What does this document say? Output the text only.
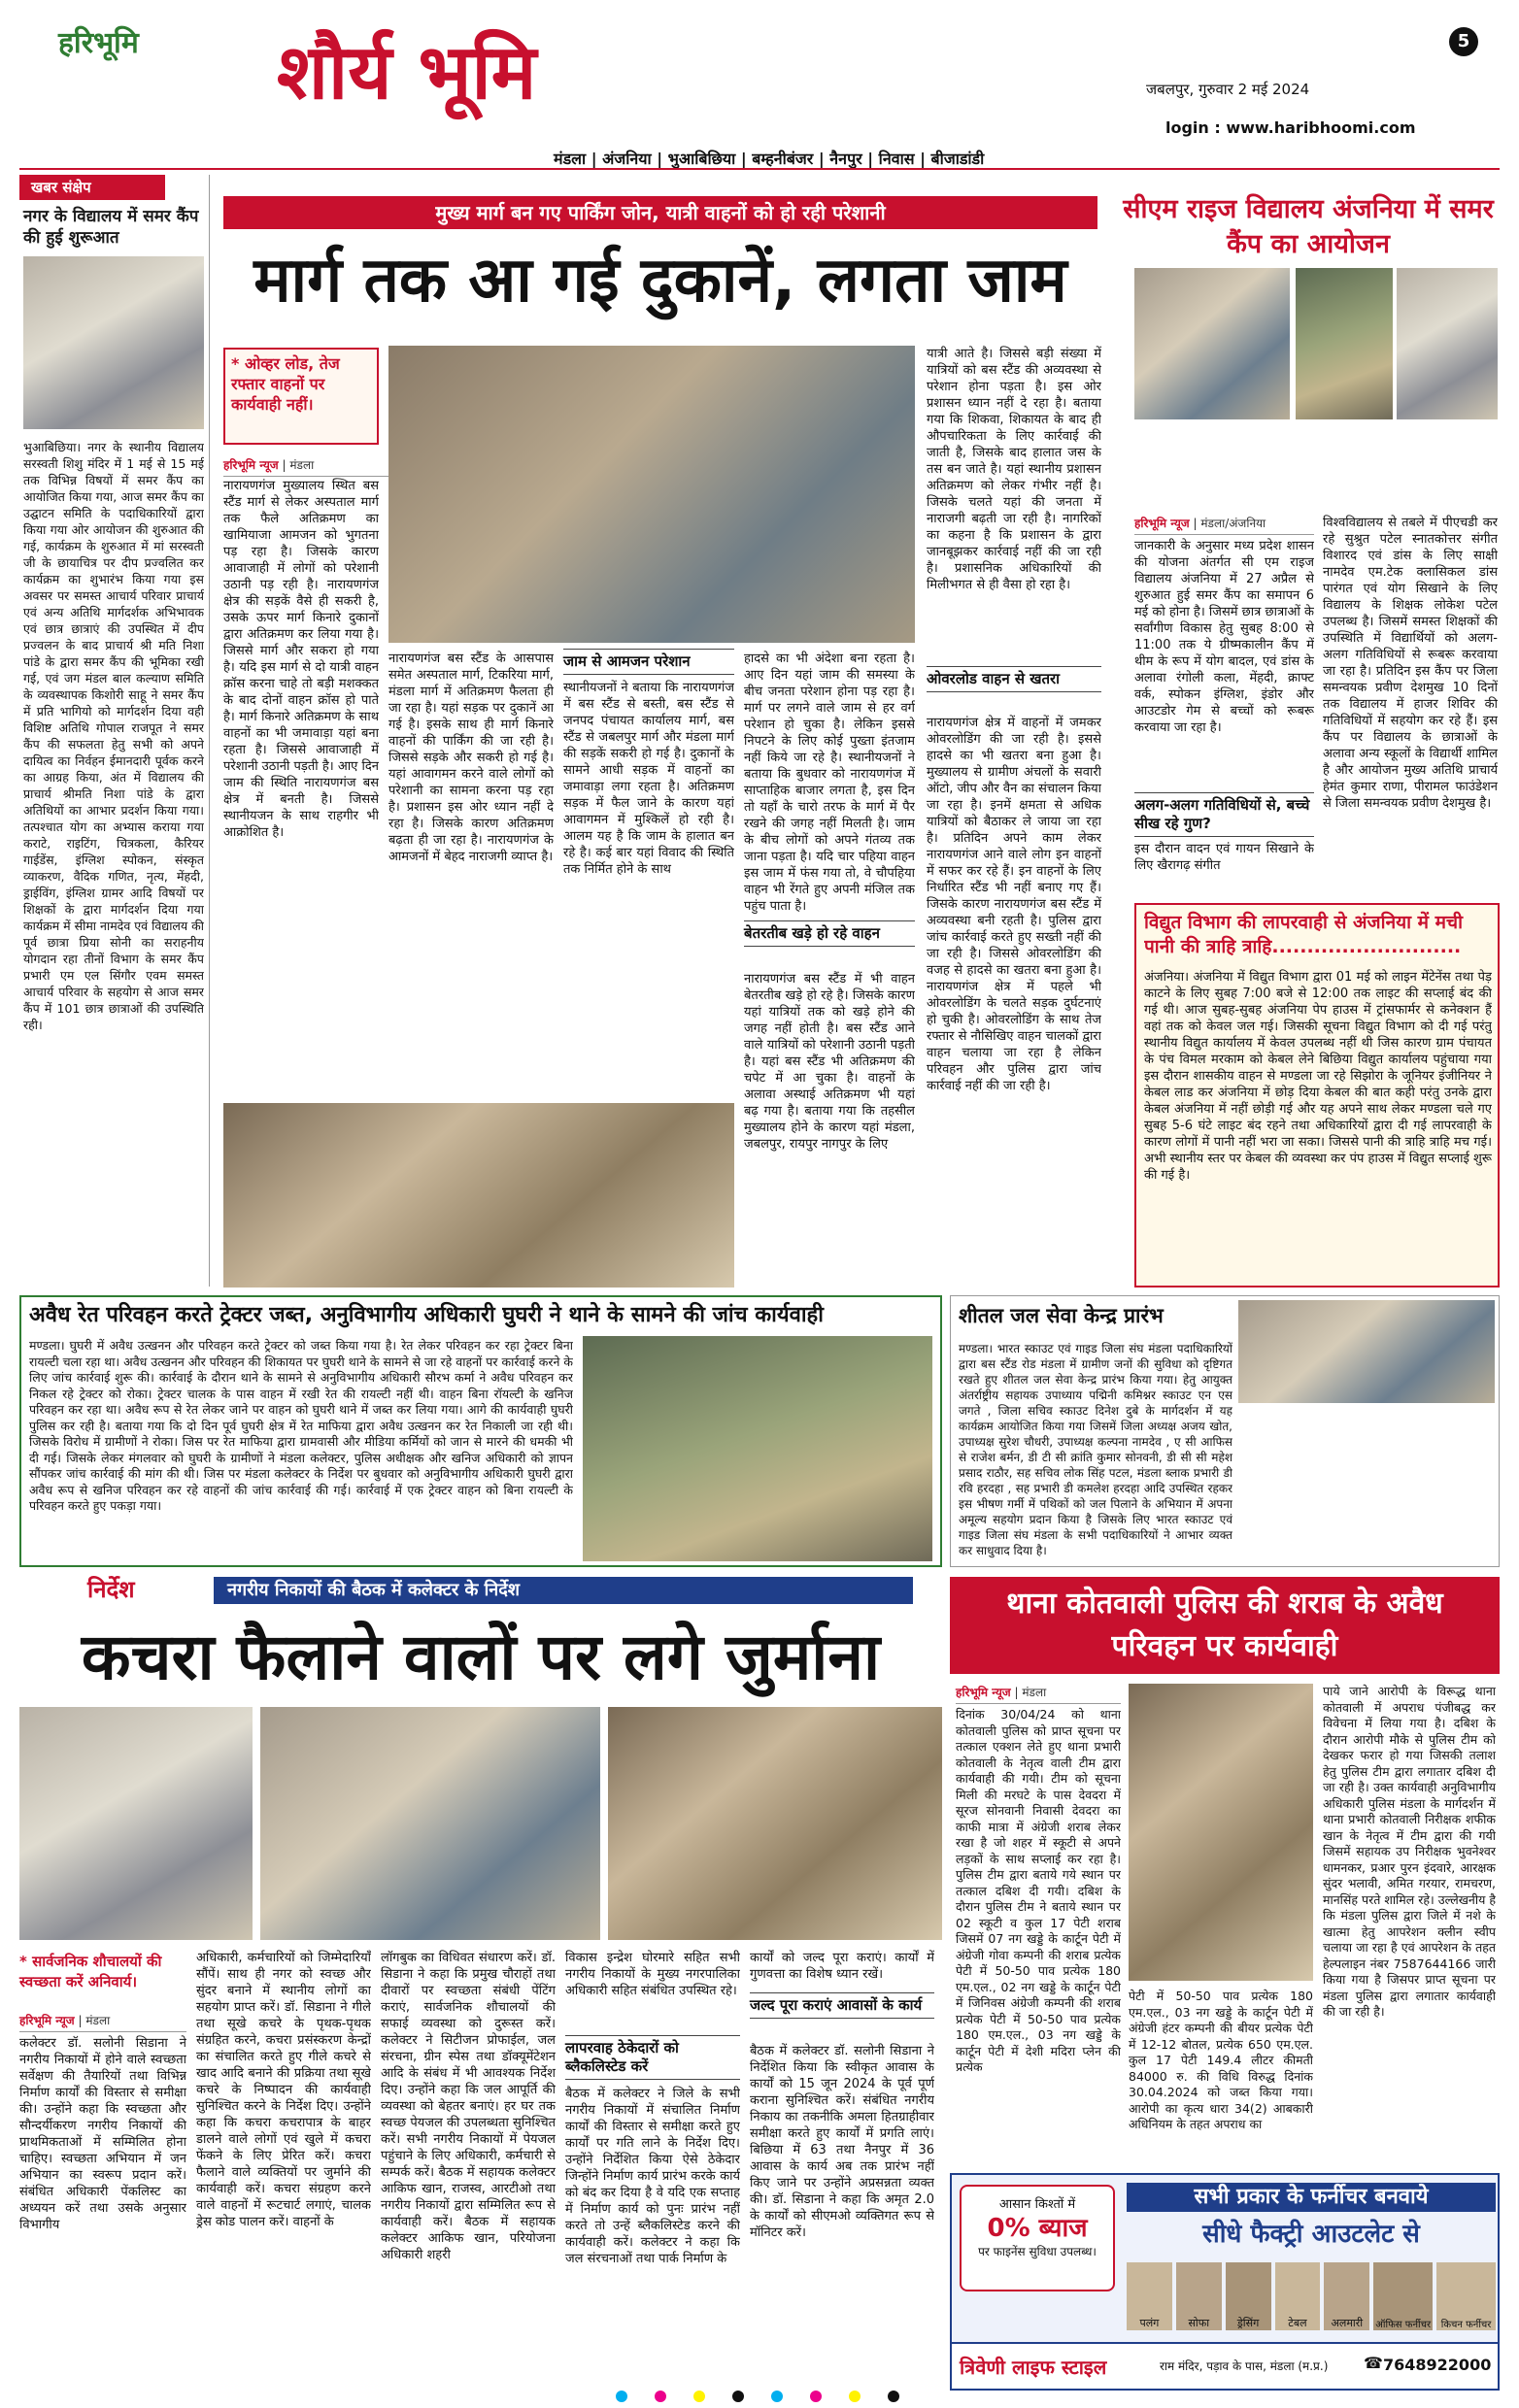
हरिभूमि शौर्य भूमि	5
जबलपुर, गुरुवार 2 मई 2024
login : www.haribhoomi.com
मंडला | अंजनिया | भुआबिछिया | बम्हनीबंजर | नैनपुर | निवास | बीजाडांडी
खबर संक्षेप
नगर के विद्यालय में समर कैंप की हुई शुरूआत
भुआबिछिया। नगर के स्थानीय विद्यालय सरस्वती शिशु मंदिर में 1 मई से 15 मई तक विभिन्न विषयों में समर कैंप का आयोजित किया गया, आज समर कैंप का उद्घाटन समिति के पदाधिकारियों द्वारा किया गया ओर आयोजन की शुरुआत की गई, कार्यक्रम के शुरुआत में मां सरस्वती जी के छायाचित्र पर दीप प्रज्वलित कर कार्यक्रम का शुभारंभ किया गया इस अवसर पर समस्त आचार्य परिवार प्राचार्य एवं अन्य अतिथि मार्गदर्शक अभिभावक एवं छात्र छात्राएं की उपस्थित में दीप प्रज्वलन के बाद प्राचार्य श्री मति निशा पांडे के द्वारा समर कैंप की भूमिका रखी गई, एवं जग मंडल बाल कल्याण समिति के व्यवस्थापक किशोरी साहू ने समर कैंप में प्रति भागियो को मार्गदर्शन दिया वही विशिष्ट अतिथि गोपाल राजपूत ने समर कैंप की सफलता हेतु सभी को अपने दायित्व का निर्वहन ईमानदारी पूर्वक करने का आग्रह किया, अंत में विद्यालय की प्राचार्य श्रीमति निशा पांडे के द्वारा अतिथियों का आभार प्रदर्शन किया गया। तत्पश्चात योग का अभ्यास कराया गया कराटे, राइटिंग, चित्रकला, कैरियर गाईडेंस, इंग्लिश स्पोकन, संस्कृत व्याकरण, वैदिक गणित, नृत्य, मेंहदी, ड्राईविंग, इंग्लिश ग्रामर आदि विषयों पर शिक्षकों के द्वारा मार्गदर्शन दिया गया कार्यक्रम में सीमा नामदेव एवं विद्यालय की पूर्व छात्रा प्रिया सोनी का सराहनीय योगदान रहा तीनों विभाग के समर कैंप प्रभारी एम एल सिंगौर एवम समस्त आचार्य परिवार के सहयोग से आज समर कैंप में 101 छात्र छात्राओं की उपस्थिति रही।
मुख्य मार्ग बन गए पार्किंग जोन, यात्री वाहनों को हो रही परेशानी
मार्ग तक आ गई दुकानें, लगता जाम
* ओव्हर लोड, तेज रफ्तार वाहनों पर कार्यवाही नहीं।
हरिभूमि न्यूज | मंडला
नारायणगंज मुख्यालय स्थित बस स्टैंड मार्ग से लेकर अस्पताल मार्ग तक फैले अतिक्रमण का खामियाजा आमजन को भुगतना पड़ रहा है। जिसके कारण आवाजाही में लोगों को परेशानी उठानी पड़ रही है। नारायणगंज क्षेत्र की सड़कें वैसे ही सकरी है, उसके ऊपर मार्ग किनारे दुकानों द्वारा अतिक्रमण कर लिया गया है। जिससे मार्ग और सकरा हो गया है। यदि इस मार्ग से दो यात्री वाहन क्रॉस करना चाहे तो बड़ी मशक्कत के बाद दोनों वाहन क्रॉस हो पाते है। मार्ग किनारे अतिक्रमण के साथ वाहनों का भी जमावाड़ा यहां बना रहता है। जिससे आवाजाही में परेशानी उठानी पड़ती है। आए दिन जाम की स्थिति नारायणगंज बस क्षेत्र में बनती है। जिससे स्थानीयजन के साथ राहगीर भी आक्रोशित है।
नारायणगंज बस स्टैंड के आसपास समेत अस्पताल मार्ग, टिकरिया मार्ग, मंडला मार्ग में अतिक्रमण फैलता ही जा रहा है। यहां सड़क पर दुकानें आ गई है। इसके साथ ही मार्ग किनारे वाहनों की पार्किंग की जा रही है। जिससे सड़के और सकरी हो गई है। यहां आवागमन करने वाले लोगों को परेशानी का सामना करना पड़ रहा है। प्रशासन इस ओर ध्यान नहीं दे रहा है। जिसके कारण अतिक्रमण बढ़ता ही जा रहा है। नारायणगंज के आमजनों में बेहद नाराजगी व्याप्त है।
जाम से आमजन परेशान
स्थानीयजनों ने बताया कि नारायणगंज में बस स्टैंड से बस्ती, बस स्टैंड से जनपद पंचायत कार्यालय मार्ग, बस स्टैंड से जबलपुर मार्ग और मंडला मार्ग की सड़कें सकरी हो गई है। दुकानों के सामने आधी सड़क में वाहनों का जमावाड़ा लगा रहता है। अतिक्रमण सड़क में फैल जाने के कारण यहां आवागमन में मुश्किलें हो रही है। आलम यह है कि जाम के हालात बन रहे है। कई बार यहां विवाद की स्थिति तक निर्मित होने के साथ
हादसे का भी अंदेशा बना रहता है। आए दिन यहां जाम की समस्या के बीच जनता परेशान होना पड़ रहा है। मार्ग पर लगने वाले जाम से हर वर्ग परेशान हो चुका है। लेकिन इससे निपटने के लिए कोई पुख्ता इंतजाम नहीं किये जा रहे है। स्थानीयजनों ने बताया कि बुधवार को नारायणगंज में साप्ताहिक बाजार लगता है, इस दिन तो यहाँ के चारो तरफ के मार्ग में पैर रखने की जगह नहीं मिलती है। जाम के बीच लोगों को अपने गंतव्य तक जाना पड़ता है। यदि चार पहिया वाहन इस जाम में फंस गया तो, वे चौपहिया वाहन भी रेंगते हुए अपनी मंजिल तक पहुंच पाता है।
बेतरतीब खड़े हो रहे वाहन
नारायणगंज बस स्टैंड में भी वाहन बेतरतीब खड़े हो रहे है। जिसके कारण यहां यात्रियों तक को खड़े होने की जगह नहीं होती है। बस स्टैंड आने वाले यात्रियों को परेशानी उठानी पड़ती है। यहां बस स्टैंड भी अतिक्रमण की चपेट में आ चुका है। वाहनों के अलावा अस्थाई अतिक्रमण भी यहां बढ़ गया है। बताया गया कि तहसील मुख्यालय होने के कारण यहां मंडला, जबलपुर, रायपुर नागपुर के लिए
यात्री आते है। जिससे बड़ी संख्या में यात्रियों को बस स्टैंड की अव्यवस्था से परेशान होना पड़ता है। इस ओर प्रशासन ध्यान नहीं दे रहा है। बताया गया कि शिकवा, शिकायत के बाद ही औपचारिकता के लिए कार्रवाई की जाती है, जिसके बाद हालात जस के तस बन जाते है। यहां स्थानीय प्रशासन अतिक्रमण को लेकर गंभीर नहीं है। जिसके चलते यहां की जनता में नाराजगी बढ़ती जा रही है। नागरिकों का कहना है कि प्रशासन के द्वारा जानबूझकर कार्रवाई नहीं की जा रही है। प्रशासनिक अधिकारियों की मिलीभगत से ही वैसा हो रहा है।
ओवरलोड वाहन से खतरा
नारायणगंज क्षेत्र में वाहनों में जमकर ओवरलोडिंग की जा रही है। इससे हादसे का भी खतरा बना हुआ है। मुख्यालय से ग्रामीण अंचलों के सवारी ऑटो, जीप और वैन का संचालन किया जा रहा है। इनमें क्षमता से अधिक यात्रियों को बैठाकर ले जाया जा रहा है। प्रतिदिन अपने काम लेकर नारायणगंज आने वाले लोग इन वाहनों में सफर कर रहे हैं। इन वाहनों के लिए निर्धारित स्टैंड भी नहीं बनाए गए हैं। जिसके कारण नारायणगंज बस स्टैंड में अव्यवस्था बनी रहती है। पुलिस द्वारा जांच कार्रवाई करते हुए सख्ती नहीं की जा रही है। जिससे ओवरलोडिंग की वजह से हादसे का खतरा बना हुआ है। नारायणगंज क्षेत्र में पहले भी ओवरलोडिंग के चलते सड़क दुर्घटनाएं हो चुकी है। ओवरलोडिंग के साथ तेज रफ्तार से नौसिखिए वाहन चालकों द्वारा वाहन चलाया जा रहा है लेकिन परिवहन और पुलिस द्वारा जांच कार्रवाई नहीं की जा रही है।
सीएम राइज विद्यालय अंजनिया में समर कैंप का आयोजन
हरिभूमि न्यूज | मंडला/अंजनिया
जानकारी के अनुसार मध्य प्रदेश शासन की योजना अंतर्गत सी एम राइज विद्यालय अंजनिया में 27 अप्रैल से शुरुआत हुई समर कैंप का समापन 6 मई को होना है। जिसमें छात्र छात्राओं के सर्वांगीण विकास हेतु सुबह 8:00 से 11:00 तक ये ग्रीष्मकालीन कैंप में थीम के रूप में योग बादल, एवं डांस के अलावा रंगोली कला, मेंहदी, क्राफ्ट वर्क, स्पोकन इंग्लिश, इंडोर और आउटडोर गेम से बच्चों को रूबरू करवाया जा रहा है।
अलग-अलग गतिविधियों से, बच्चे सीख रहे गुण?
इस दौरान वादन एवं गायन सिखाने के लिए खैरागढ़ संगीत
विश्वविद्यालय से तबले में पीएचडी कर रहे सुश्रुत पटेल स्नातकोत्तर संगीत विशारद एवं डांस के लिए साक्षी नामदेव एम.टेक क्लासिकल डांस पारंगत एवं योग सिखाने के लिए विद्यालय के शिक्षक लोकेश पटेल उपलब्ध है। जिसमें समस्त शिक्षकों की उपस्थिति में विद्यार्थियों को अलग-अलग गतिविधियों से रूबरू करवाया जा रहा है। प्रतिदिन इस कैंप पर जिला समन्वयक प्रवीण देशमुख 10 दिनों तक विद्यालय में हाजर शिविर की गतिविधियों में सहयोग कर रहे हैं। इस कैंप पर विद्यालय के छात्राओं के अलावा अन्य स्कूलों के विद्यार्थी शामिल है और आयोजन मुख्य अतिथि प्राचार्य हेमंत कुमार राणा, पीरामल फाउंडेशन से जिला समन्वयक प्रवीण देशमुख है।
विद्युत विभाग की लापरवाही से अंजनिया में मची पानी की त्राहि त्राहि...........................
अंजनिया। अंजनिया में विद्युत विभाग द्वारा 01 मई को लाइन मेंटेनेंस तथा पेड़ काटने के लिए सुबह 7:00 बजे से 12:00 तक लाइट की सप्लाई बंद की गई थी। आज सुबह-सुबह अंजनिया पेप हाउस में ट्रांसफार्मर से कनेक्शन हैं वहां तक को केवल जल गई। जिसकी सूचना विद्युत विभाग को दी गई परंतु स्थानीय विद्युत कार्यालय में केवल उपलब्ध नहीं थी जिस कारण ग्राम पंचायत के पंच विमल मरकाम को केबल लेने बिछिया विद्युत कार्यालय पहुंचाया गया इस दौरान शासकीय वाहन से मण्डला जा रहे सिझोरा के जूनियर इंजीनियर ने केबल लाड कर अंजनिया में छोड़ दिया केबल की बात कही परंतु उनके द्वारा केबल अंजनिया में नहीं छोड़ी गई और यह अपने साथ लेकर मण्डला चले गए सुबह 5-6 घंटे लाइट बंद रहने तथा अधिकारियों द्वारा दी गई लापरवाही के कारण लोगों में पानी नहीं भरा जा सका। जिससे पानी की त्राहि त्राहि मच गई। अभी स्थानीय स्तर पर केबल की व्यवस्था कर पंप हाउस में विद्युत सप्लाई शुरू की गई है।
अवैध रेत परिवहन करते ट्रेक्टर जब्त, अनुविभागीय अधिकारी घुघरी ने थाने के सामने की जांच कार्यवाही
मण्डला। घुघरी में अवैध उत्खनन और परिवहन करते ट्रेक्टर को जब्त किया गया है। रेत लेकर परिवहन कर रहा ट्रेक्टर बिना रायल्टी चला रहा था। अवैध उत्खनन और परिवहन की शिकायत पर घुघरी थाने के सामने से जा रहे वाहनों पर कार्रवाई करने के लिए जांच कार्रवाई शुरू की। कार्रवाई के दौरान थाने के सामने से अनुविभागीय अधिकारी सौरभ कर्मा ने अवैध परिवहन कर निकल रहे ट्रेक्टर को रोका। ट्रेक्टर चालक के पास वाहन में रखी रेत की रायल्टी नहीं थी। वाहन बिना रॉयल्टी के खनिज परिवहन कर रहा था। अवैध रूप से रेत लेकर जाने पर वाहन को घुघरी थाने में जब्त कर लिया गया। आगे की कार्यवाही घुघरी पुलिस कर रही है। बताया गया कि दो दिन पूर्व घुघरी क्षेत्र में रेत माफिया द्वारा अवैध उत्खनन कर रेत निकाली जा रही थी। जिसके विरोध में ग्रामीणों ने रोका। जिस पर रेत माफिया द्वारा ग्रामवासी और मीडिया कर्मियों को जान से मारने की धमकी भी दी गई। जिसके लेकर मंगलवार को घुघरी के ग्रामीणों ने मंडला कलेक्टर, पुलिस अधीक्षक और खनिज अधिकारी को ज्ञापन सौंपकर जांच कार्रवाई की मांग की थी। जिस पर मंडला कलेक्टर के निर्देश पर बुधवार को अनुविभागीय अधिकारी घुघरी द्वारा अवैध रूप से खनिज परिवहन कर रहे वाहनों की जांच कार्रवाई की गई। कार्रवाई में एक ट्रेक्टर वाहन को बिना रायल्टी के परिवहन करते हुए पकड़ा गया।
शीतल जल सेवा केन्द्र प्रारंभ
मण्डला। भारत स्काउट एवं गाइड जिला संघ मंडला पदाधिकारियों द्वारा बस स्टैंड रोड मंडला में ग्रामीण जनों की सुविधा को दृष्टिगत रखते हुए शीतल जल सेवा केन्द्र प्रारंभ किया गया। हेतु आयुक्त अंतर्राष्ट्रीय सहायक उपाध्याय पद्मिनी कमिश्नर स्काउट एन एस जगते , जिला सचिव स्काउट दिनेश दुबे के मार्गदर्शन में यह कार्यक्रम आयोजित किया गया जिसमें जिला अध्यक्ष अजय खोत, उपाध्यक्ष सुरेश चौधरी, उपाध्यक्ष कल्पना नामदेव , ए सी आफिस से राजेश बर्मन, डी टी सी क्रांति कुमार सोनवनी, डी सी सी महेश प्रसाद राठौर, सह सचिव लोक सिंह पटल, मंडला ब्लाक प्रभारी डी रवि हरदहा , सह प्रभारी डी कमलेश हरदहा आदि उपस्थित रहकर इस भीषण गर्मी में पथिकों को जल पिलाने के अभियान में अपना अमूल्य सहयोग प्रदान किया है जिसके लिए भारत स्काउट एवं गाइड जिला संघ मंडला के सभी पदाधिकारियों ने आभार व्यक्त कर साधुवाद दिया है।
निर्देश	नगरीय निकायों की बैठक में कलेक्टर के निर्देश
कचरा फैलाने वालों पर लगे जुर्माना
* सार्वजनिक शौचालयों की स्वच्छता करें अनिवार्य।
हरिभूमि न्यूज | मंडला
कलेक्टर डॉ. सलोनी सिडाना ने नगरीय निकायों में होने वाले स्वच्छता सर्वेक्षण की तैयारियों तथा विभिन्न निर्माण कार्यों की विस्तार से समीक्षा की। उन्होंने कहा कि स्वच्छता और सौन्दर्यीकरण नगरीय निकायों की प्राथमिकताओं में सम्मिलित होना चाहिए। स्वच्छता अभियान में जन अभियान का स्वरूप प्रदान करें। संबंधित अधिकारी पेंकलिस्ट का अध्ययन करें तथा उसके अनुसार विभागीय
अधिकारी, कर्मचारियों को जिम्मेदारियाँ सौंपें। साथ ही नगर को स्वच्छ और सुंदर बनाने में स्थानीय लोगों का सहयोग प्राप्त करें। डॉ. सिडाना ने गीले तथा सूखे कचरे के पृथक-पृथक संग्रहित करने, कचरा प्रसंस्करण केन्द्रों का संचालित करते हुए गीले कचरे से खाद आदि बनाने की प्रक्रिया तथा सूखे कचरे के निष्पादन की कार्यवाही सुनिश्चित करने के निर्देश दिए। उन्होंने कहा कि कचरा कचरापात्र के बाहर डालने वाले लोगों एवं खुले में कचरा फेंकने के लिए प्रेरित करें। कचरा फैलाने वाले व्यक्तियों पर जुर्माने की कार्यवाही करें। कचरा संग्रहण करने वाले वाहनों में रूटचार्ट लगाएं, चालक ड्रेस कोड पालन करें। वाहनों के
लॉगबुक का विधिवत संधारण करें। डॉ. सिडाना ने कहा कि प्रमुख चौराहों तथा दीवारों पर स्वच्छता संबंधी पेंटिंग कराएं, सार्वजनिक शौचालयों की सफाई व्यवस्था को दुरूस्त करें। कलेक्टर ने सिटीजन प्रोफाईल, जल संरचना, ग्रीन स्पेस तथा डॉक्यूमेंटेशन आदि के संबंध में भी आवश्यक निर्देश दिए। उन्होंने कहा कि जल आपूर्ति की व्यवस्था को बेहतर बनाएं। हर घर तक स्वच्छ पेयजल की उपलब्धता सुनिश्चित करें। सभी नगरीय निकायों में पेयजल पहुंचाने के लिए अधिकारी, कर्मचारी से सम्पर्क करें। बैठक में सहायक कलेक्टर आकिफ खान, राजस्व, आरटीओ तथा नगरीय निकायों द्वारा सम्मिलित रूप से कार्यवाही करें। बैठक में सहायक कलेक्टर आकिफ खान, परियोजना अधिकारी शहरी
विकास इन्द्रेश घोरमारे सहित सभी नगरीय निकायों के मुख्य नगरपालिका अधिकारी सहित संबंधित उपस्थित रहे।
लापरवाह ठेकेदारों को ब्लैकलिस्टेड करें
बैठक में कलेक्टर ने जिले के सभी नगरीय निकायों में संचालित निर्माण कार्यों की विस्तार से समीक्षा करते हुए कार्यों पर गति लाने के निर्देश दिए। उन्होंने निर्देशित किया ऐसे ठेकेदार जिन्होंने निर्माण कार्य प्रारंभ करके कार्य को बंद कर दिया है वे यदि एक सप्ताह में निर्माण कार्य को पुनः प्रारंभ नहीं करते तो उन्हें ब्लैकलिस्टेड करने की कार्यवाही करें। कलेक्टर ने कहा कि जल संरचनाओं तथा पार्क निर्माण के
कार्यों को जल्द पूरा कराएं। कार्यों में गुणवत्ता का विशेष ध्यान रखें।
जल्द पूरा कराएं आवासों के कार्य
बैठक में कलेक्टर डॉ. सलोनी सिडाना ने निर्देशित किया कि स्वीकृत आवास के कार्यों को 15 जून 2024 के पूर्व पूर्ण कराना सुनिश्चित करें। संबंधित नगरीय निकाय का तकनीकि अमला हितग्राहीवार समीक्षा करते हुए कार्यों में प्रगति लाएं। बिछिया में 63 तथा नैनपुर में 36 आवास के कार्य अब तक प्रारंभ नहीं किए जाने पर उन्होंने अप्रसन्नता व्यक्त की। डॉ. सिडाना ने कहा कि अमृत 2.0 के कार्यों को सीएमओ व्यक्तिगत रूप से मॉनिटर करें।
थाना कोतवाली पुलिस की शराब के अवैध परिवहन पर कार्यवाही
हरिभूमि न्यूज | मंडला
दिनांक 30/04/24 को थाना कोतवाली पुलिस को प्राप्त सूचना पर तत्काल एक्शन लेते हुए थाना प्रभारी कोतवाली के नेतृत्व वाली टीम द्वारा कार्यवाही की गयी। टीम को सूचना मिली की मरघटे के पास देवदरा में सूरज सोनवानी निवासी देवदरा का काफी मात्रा में अंग्रेजी शराब लेकर रखा है जो शहर में स्कूटी से अपने लड़कों के साथ सप्लाई कर रहा है। पुलिस टीम द्वारा बताये गये स्थान पर तत्काल दबिश दी गयी। दबिश के दौरान पुलिस टीम ने बताये स्थान पर 02 स्कूटी व कुल 17 पेटी शराब जिसमें 07 नग खड्डे के कार्टून पेटी में अंग्रेजी गोवा कम्पनी की शराब प्रत्येक पेटी में 50-50 पाव प्रत्येक 180 एम.एल., 02 नग खड्डे के कार्टून पेटी में जिनिवस अंग्रेजी कम्पनी की शराब प्रत्येक पेटी में 50-50 पाव प्रत्येक 180 एम.एल., 03 नग खड्डे के कार्टून पेटी में देशी मदिरा प्लेन की प्रत्येक
पेटी में 50-50 पाव प्रत्येक 180 एम.एल., 03 नग खड्डे के कार्टून पेटी में अंग्रेजी हंटर कम्पनी की बीयर प्रत्येक पेटी में 12-12 बोतल, प्रत्येक 650 एम.एल. कुल 17 पेटी 149.4 लीटर कीमती 84000 रु. की विधि विरुद्ध दिनांक 30.04.2024 को जब्त किया गया। आरोपी का कृत्य धारा 34(2) आबकारी अधिनियम के तहत अपराध का
पाये जाने आरोपी के विरूद्ध थाना कोतवाली में अपराध पंजीबद्ध कर विवेचना में लिया गया है। दबिश के दौरान आरोपी मौके से पुलिस टीम को देखकर फरार हो गया जिसकी तलाश हेतु पुलिस टीम द्वारा लगातार दबिश दी जा रही है। उक्त कार्यवाही अनुविभागीय अधिकारी पुलिस मंडला के मार्गदर्शन में थाना प्रभारी कोतवाली निरीक्षक शफीक खान के नेतृत्व में टीम द्वारा की गयी जिसमें सहायक उप निरीक्षक भुवनेश्वर धामनकर, प्रआर पुरन इंदवारे, आरक्षक सुंदर भलावी, अमित गरयार, रामचरण, मानसिंह परते शामिल रहे। उल्लेखनीय है कि मंडला पुलिस द्वारा जिले में नशे के खात्मा हेतु आपरेशन क्लीन स्वीप चलाया जा रहा है एवं आपरेशन के तहत हेल्पलाइन नंबर 7587644166 जारी किया गया है जिसपर प्राप्त सूचना पर मंडला पुलिस द्वारा लगातार कार्यवाही की जा रही है।
सभी प्रकार के फर्नीचर बनवाये
सीधे फैक्ट्री आउटलेट से
आसान किश्तों में
0% ब्याज
पर फाइनेंस सुविधा उपलब्ध।
पलंग	सोफा	ड्रेसिंग	टेबल अलमारी ऑफिस फर्नीचर किचन फर्नीचर
त्रिवेणी लाइफ स्टाइल	राम मंदिर, पड़ाव के पास, मंडला (म.प्र.) ☎ 7648922000
